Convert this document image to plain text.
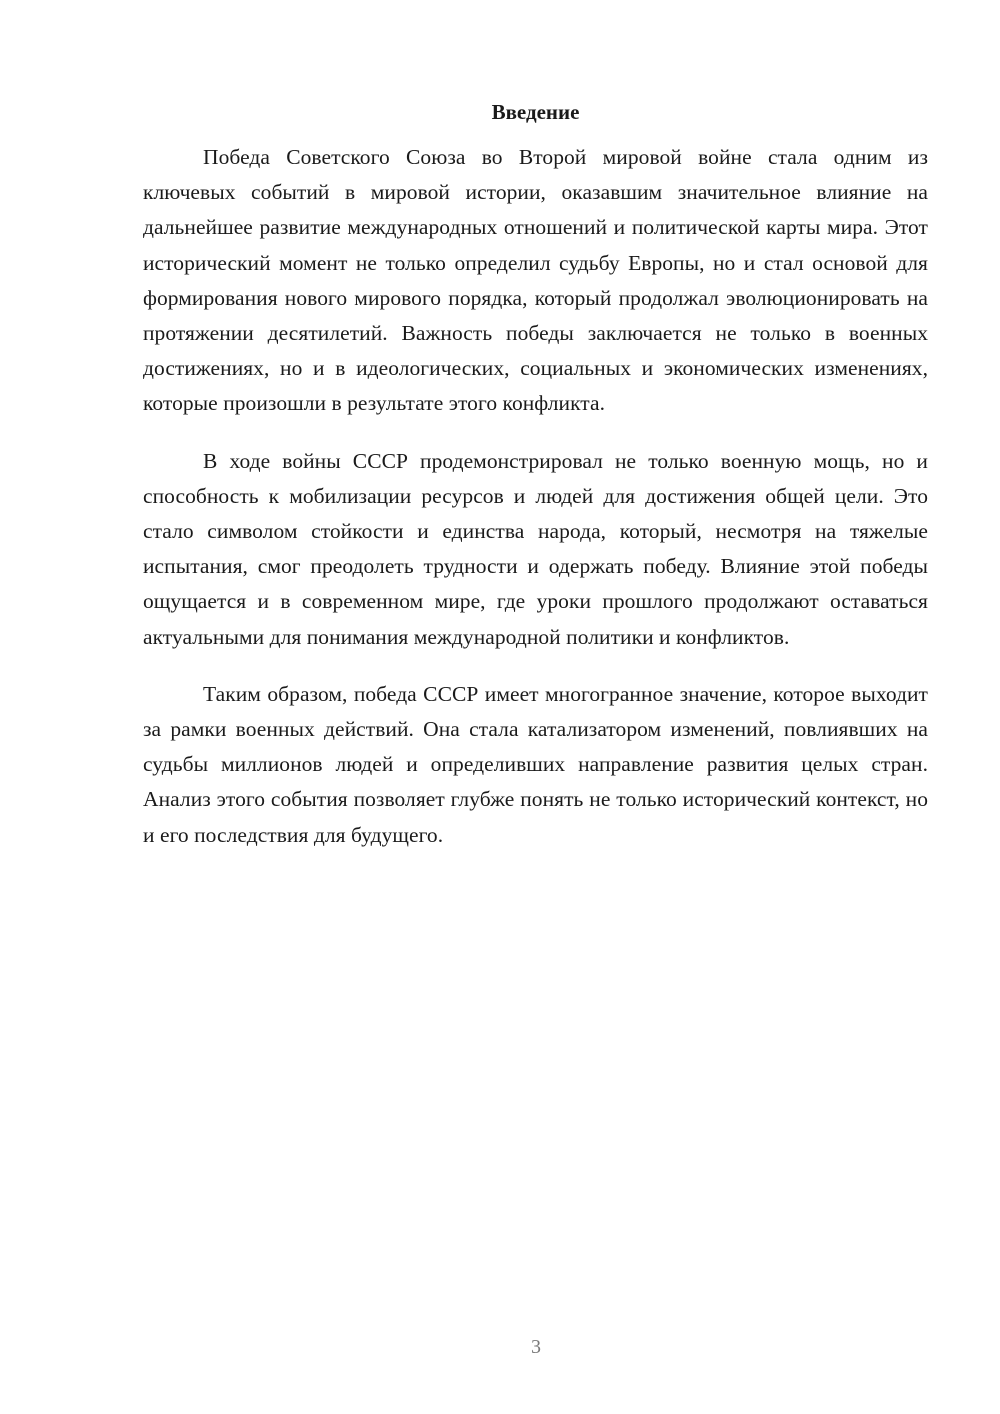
Введение

Победа Советского Союза во Второй мировой войне стала одним из ключевых событий в мировой истории, оказавшим значительное влияние на дальнейшее развитие международных отношений и политической карты мира. Этот исторический момент не только определил судьбу Европы, но и стал основой для формирования нового мирового порядка, который продолжал эволюционировать на протяжении десятилетий. Важность победы заключается не только в военных достижениях, но и в идеологических, социальных и экономических изменениях, которые произошли в результате этого конфликта.

В ходе войны СССР продемонстрировал не только военную мощь, но и способность к мобилизации ресурсов и людей для достижения общей цели. Это стало символом стойкости и единства народа, который, несмотря на тяжелые испытания, смог преодолеть трудности и одержать победу. Влияние этой победы ощущается и в современном мире, где уроки прошлого продолжают оставаться актуальными для понимания международной политики и конфликтов.

Таким образом, победа СССР имеет многогранное значение, которое выходит за рамки военных действий. Она стала катализатором изменений, повлиявших на судьбы миллионов людей и определивших направление развития целых стран. Анализ этого события позволяет глубже понять не только исторический контекст, но и его последствия для будущего.

3
